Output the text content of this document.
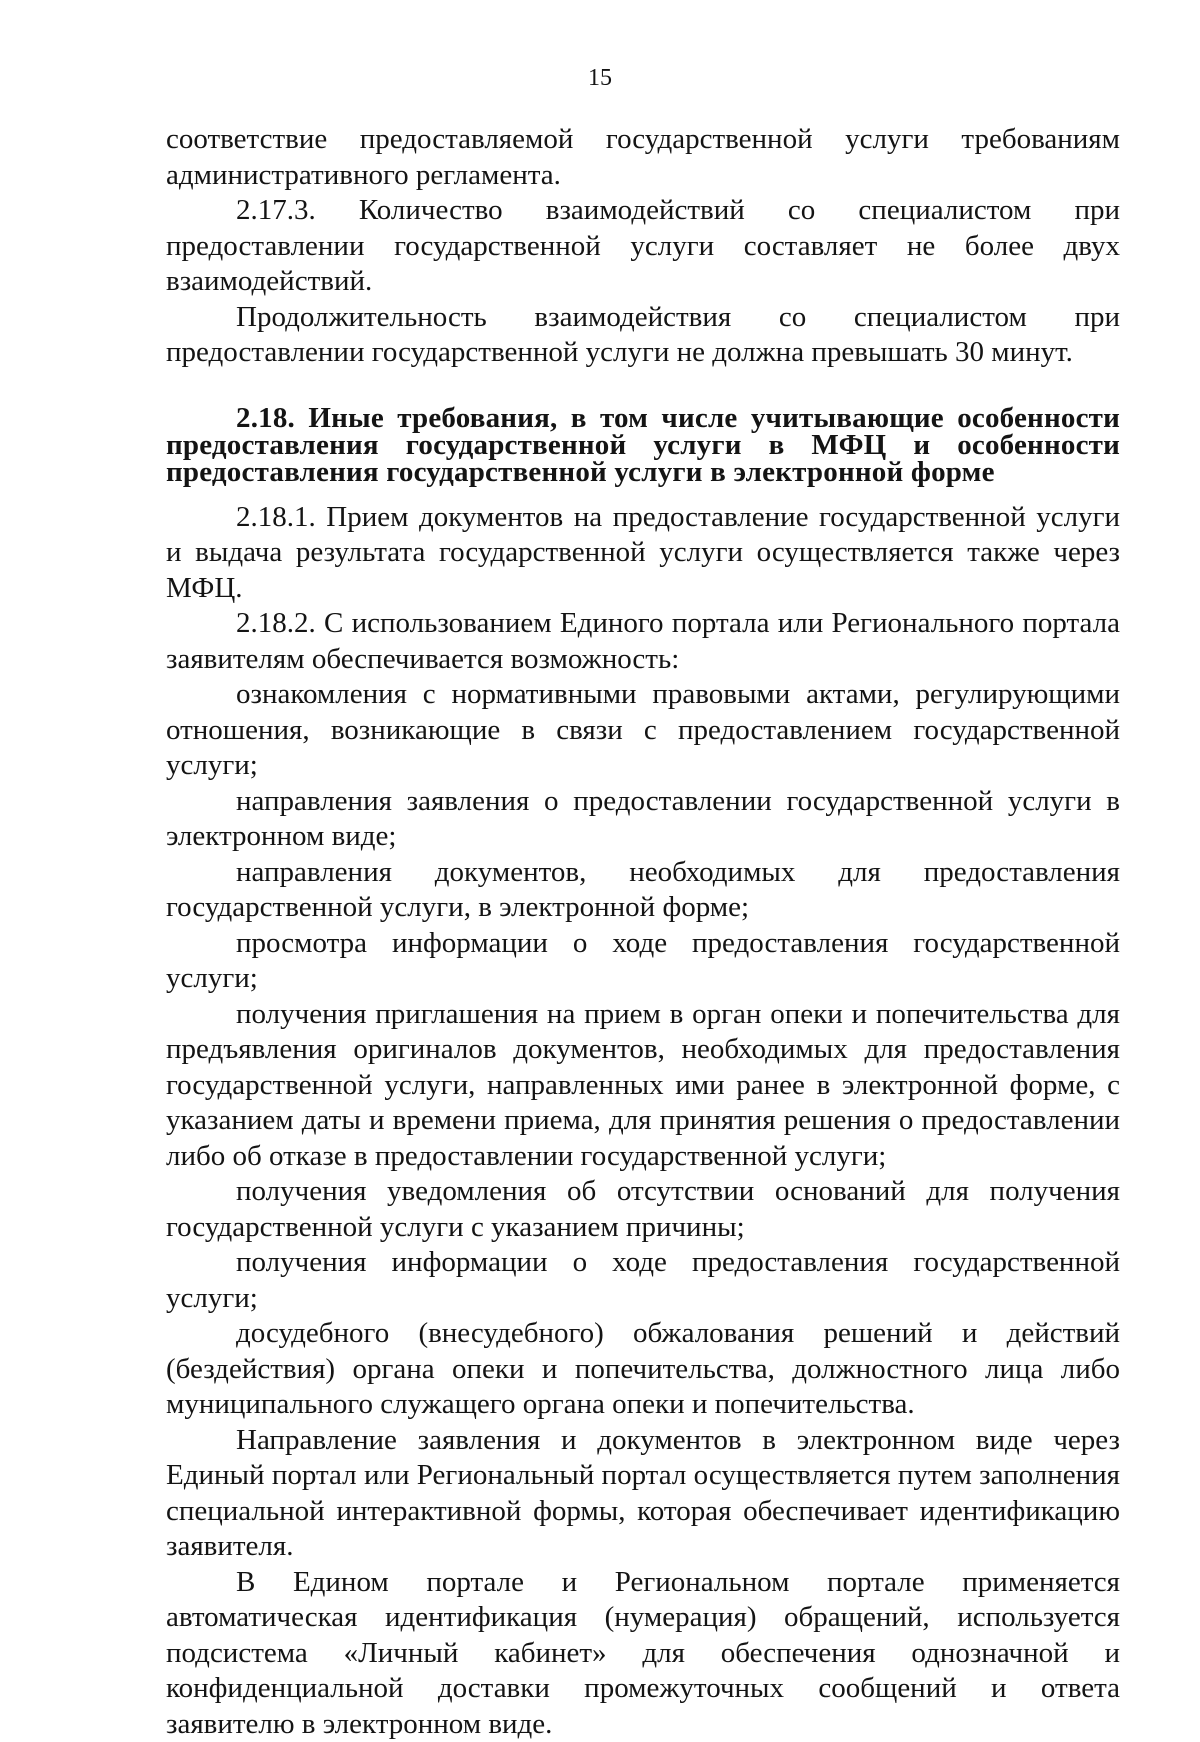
15

соответствие предоставляемой государственной услуги требованиям административного регламента.

2.17.3. Количество взаимодействий со специалистом при предоставлении государственной услуги составляет не более двух взаимодействий.

Продолжительность взаимодействия со специалистом при предоставлении государственной услуги не должна превышать 30 минут.

2.18. Иные требования, в том числе учитывающие особенности предоставления государственной услуги в МФЦ и особенности предоставления государственной услуги в электронной форме

2.18.1. Прием документов на предоставление государственной услуги и выдача результата государственной услуги осуществляется также через МФЦ.

2.18.2. С использованием Единого портала или Регионального портала заявителям обеспечивается возможность:

ознакомления с нормативными правовыми актами, регулирующими отношения, возникающие в связи с предоставлением государственной услуги;

направления заявления о предоставлении государственной услуги в электронном виде;

направления документов, необходимых для предоставления государственной услуги, в электронной форме;

просмотра информации о ходе предоставления государственной услуги;

получения приглашения на прием в орган опеки и попечительства для предъявления оригиналов документов, необходимых для предоставления государственной услуги, направленных ими ранее в электронной форме, с указанием даты и времени приема, для принятия решения о предоставлении либо об отказе в предоставлении государственной услуги;

получения уведомления об отсутствии оснований для получения государственной услуги с указанием причины;

получения информации о ходе предоставления государственной услуги;

досудебного (внесудебного) обжалования решений и действий (бездействия) органа опеки и попечительства, должностного лица либо муниципального служащего органа опеки и попечительства.

Направление заявления и документов в электронном виде через Единый портал или Региональный портал осуществляется путем заполнения специальной интерактивной формы, которая обеспечивает идентификацию заявителя.

В Едином портале и Региональном портале применяется автоматическая идентификация (нумерация) обращений, используется подсистема «Личный кабинет» для обеспечения однозначной и конфиденциальной доставки промежуточных сообщений и ответа заявителю в электронном виде.
